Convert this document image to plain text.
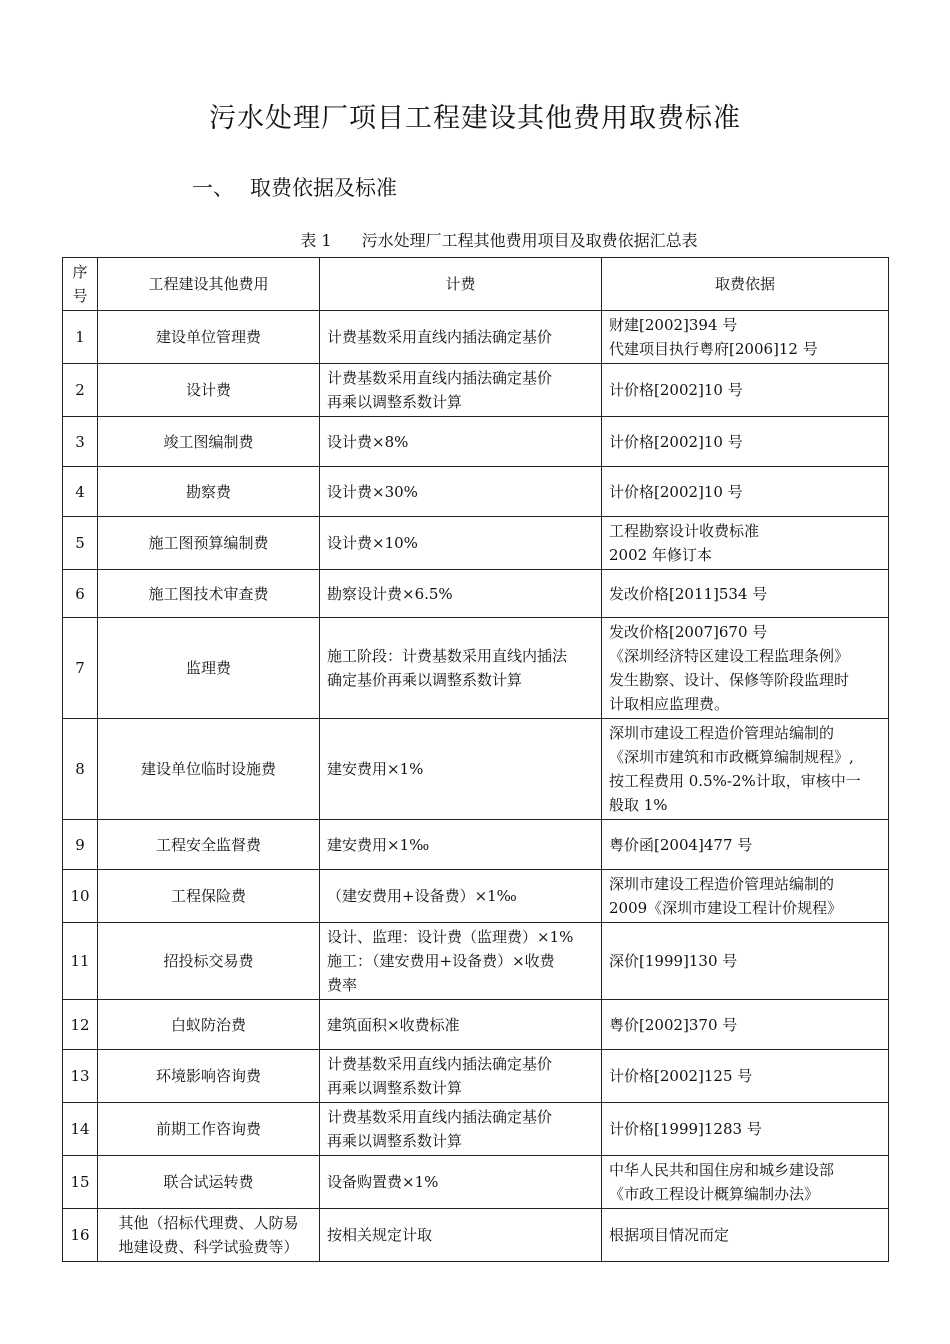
污水处理厂项目工程建设其他费用取费标准
一、 取费依据及标准
表 1 污水处理厂工程其他费用项目及取费依据汇总表
序
号	工程建设其他费用	计费	取费依据
1	建设单位管理费	计费基数采用直线内插法确定基价	财建[2002]394 号
代建项目执行粤府[2006]12 号

2	设计费	计费基数采用直线内插法确定基价
再乘以调整系数计算	计价格[2002]10 号

3	竣工图编制费	设计费×8%	计价格[2002]10 号

4	勘察费	设计费×30%	计价格[2002]10 号

5	施工图预算编制费	设计费×10%	工程勘察设计收费标准
2002 年修订本

6	施工图技术审查费	勘察设计费×6.5%	发改价格[2011]534 号

7	监理费	施工阶段：计费基数采用直线内插法
确定基价再乘以调整系数计算	发改价格[2007]670 号
《深圳经济特区建设工程监理条例》
发生勘察、设计、保修等阶段监理时
计取相应监理费。

8	建设单位临时设施费	建安费用×1%	深圳市建设工程造价管理站编制的
《深圳市建筑和市政概算编制规程》,
按工程费用 0.5%-2%计取，审核中一
般取 1%

9	工程安全监督费	建安费用×1‰	粤价函[2004]477 号

10	工程保险费	（建安费用+设备费）×1‰	深圳市建设工程造价管理站编制的
2009《深圳市建设工程计价规程》

11	招投标交易费	设计、监理：设计费（监理费）×1%
施工：（建安费用+设备费）×收费
费率	深价[1999]130 号

12	白蚁防治费	建筑面积×收费标准	粤价[2002]370 号

13	环境影响咨询费	计费基数采用直线内插法确定基价
再乘以调整系数计算	计价格[2002]125 号

14	前期工作咨询费	计费基数采用直线内插法确定基价
再乘以调整系数计算	计价格[1999]1283 号

15	联合试运转费	设备购置费×1%	中华人民共和国住房和城乡建设部
《市政工程设计概算编制办法》

16	其他（招标代理费、人防易
地建设费、科学试验费等）	按相关规定计取	根据项目情况而定
